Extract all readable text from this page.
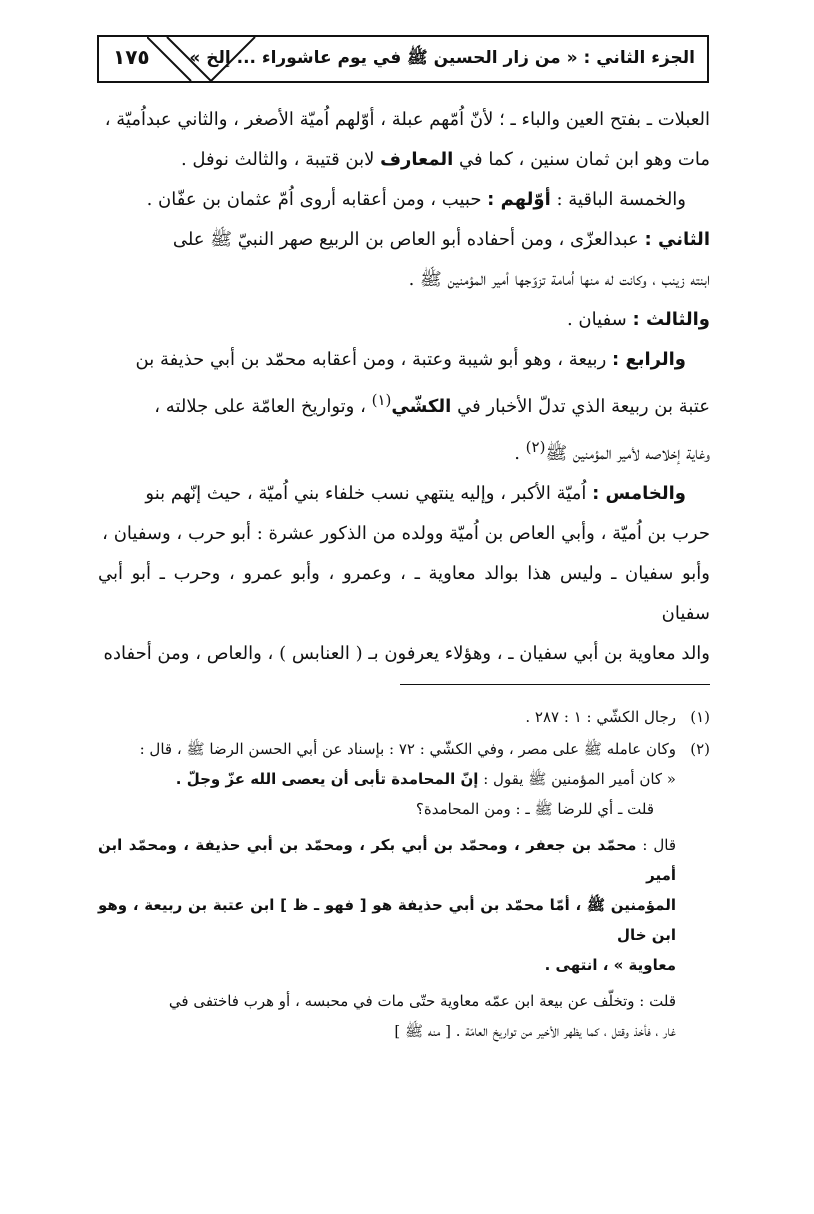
١٧٥ الجزء الثاني : « من زار الحسين ﷺ في يوم عاشوراء ... إلخ »

العبلات ـ بفتح العين والباء ـ ؛ لأنّ اُمّهم عبلة ، أوّلهم اُميّة الأصغر ، والثاني عبداُميّة ،
مات وهو ابن ثمان سنين ، كما في المعارف لابن قتيبة ، والثالث نوفل .

والخمسة الباقية : أوّلهم : حبيب ، ومن أعقابه أروى اُمّ عثمان بن عفّان .

الثاني : عبدالعزّى ، ومن أحفاده أبو العاص بن الربيع صهر النبيّ ﷺ على
ابنته زينب ، وكانت له منها اُمامة تزوّجها أمير المؤمنين ﷺ .

والثالث : سفيان .

والرابع : ربيعة ، وهو أبو شيبة وعتبة ، ومن أعقابه محمّد بن أبي حذيفة بن
عتبة بن ربيعة الذي تدلّ الأخبار في الكشّي$^{(١)}$ ، وتواريخ العامّة على جلالته ،
وغاية إخلاصه لأمير المؤمنين ﷺ$^{(٢)}$ .

والخامس : اُميّة الأكبر ، وإليه ينتهي نسب خلفاء بني اُميّة ، حيث إنّهم بنو
حرب بن اُميّة ، وأبي العاص بن اُميّة وولده من الذكور عشرة : أبو حرب ، وسفيان ،
وأبو سفيان ـ وليس هذا بوالد معاوية ـ ، وعمرو ، وأبو عمرو ، وحرب ـ أبو أبي سفيان
والد معاوية بن أبي سفيان ـ ، وهؤلاء يعرفون بـ ( العنابس ) ، والعاص ، ومن أحفاده

(١)رجال الكشّي : ١ : ٢٨٧ .

(٢)وكان عامله ﷺ على مصر ، وفي الكشّي : ٧٢ : بإسناد عن أبي الحسن الرضا ﷺ ، قال :

« كان أمير المؤمنين ﷺ يقول : إنّ المحامدة تأبى أن يعصى الله عزّ وجلّ .

قلت ـ أي للرضا ﷺ ـ : ومن المحامدة؟

قال : محمّد بن جعفر ، ومحمّد بن أبي بكر ، ومحمّد بن أبي حذيفة ، ومحمّد ابن أمير

المؤمنين ﷺ ، أمّا محمّد بن أبي حذيفة هو [ فهو ـ ظ ] ابن عتبة بن ربيعة ، وهو ابن خال

معاوية » ، انتهى .

قلت : وتخلّف عن بيعة ابن عمّه معاوية حتّى مات في محبسه ، أو هرب فاختفى في

غار ، فأخذ وقتل ، كما يظهر الأخير من تواريخ العامّة . [ منه ﷺ ]
